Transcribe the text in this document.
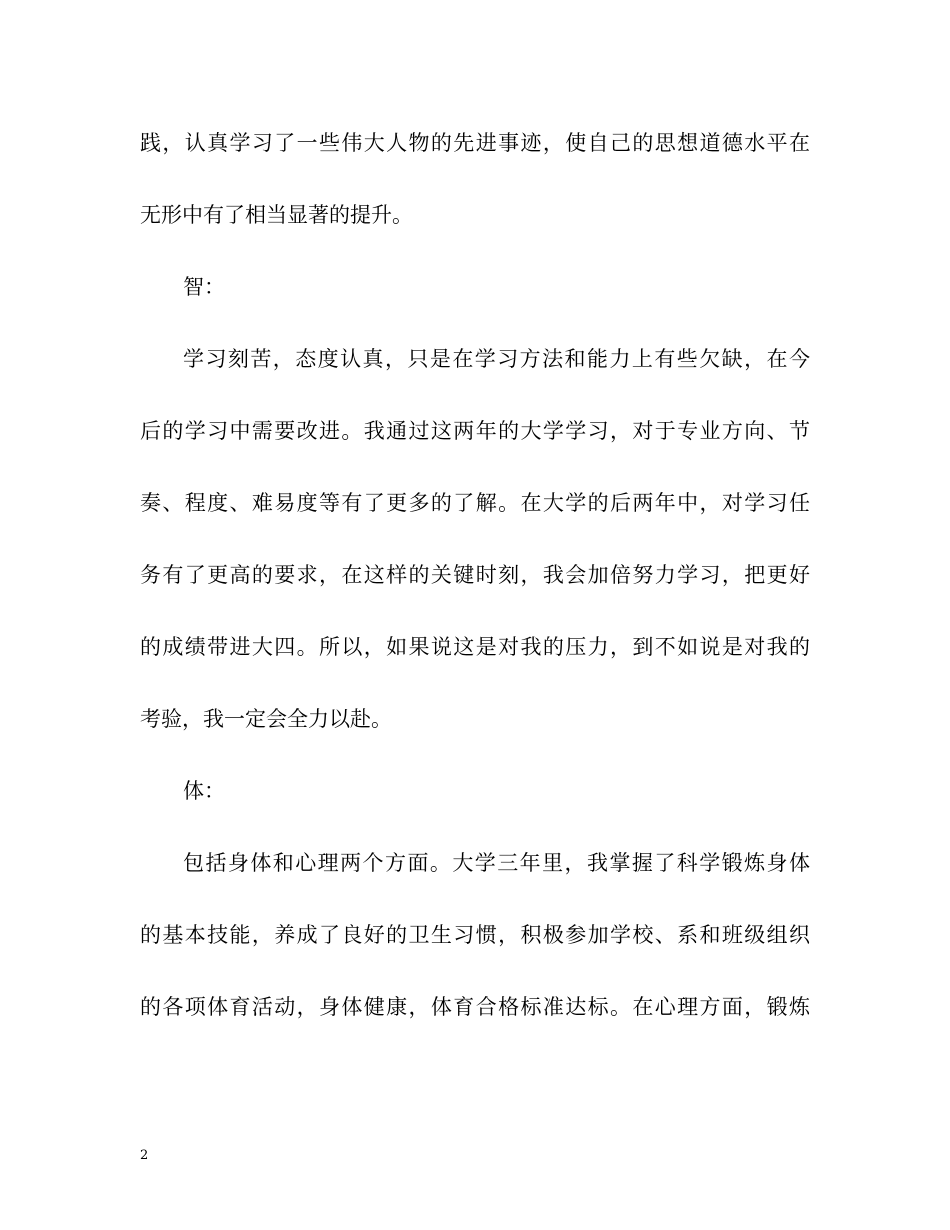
践，认真学习了一些伟大人物的先进事迹，使自己的思想道德水平在
无形中有了相当显著的提升。
智：
学习刻苦，态度认真，只是在学习方法和能力上有些欠缺，在今
后的学习中需要改进。我通过这两年的大学学习，对于专业方向、节
奏、程度、难易度等有了更多的了解。在大学的后两年中，对学习任
务有了更高的要求，在这样的关键时刻，我会加倍努力学习，把更好
的成绩带进大四。所以，如果说这是对我的压力，到不如说是对我的
考验，我一定会全力以赴。
体：
包括身体和心理两个方面。大学三年里，我掌握了科学锻炼身体
的基本技能，养成了良好的卫生习惯，积极参加学校、系和班级组织
的各项体育活动，身体健康，体育合格标准达标。在心理方面，锻炼
2
